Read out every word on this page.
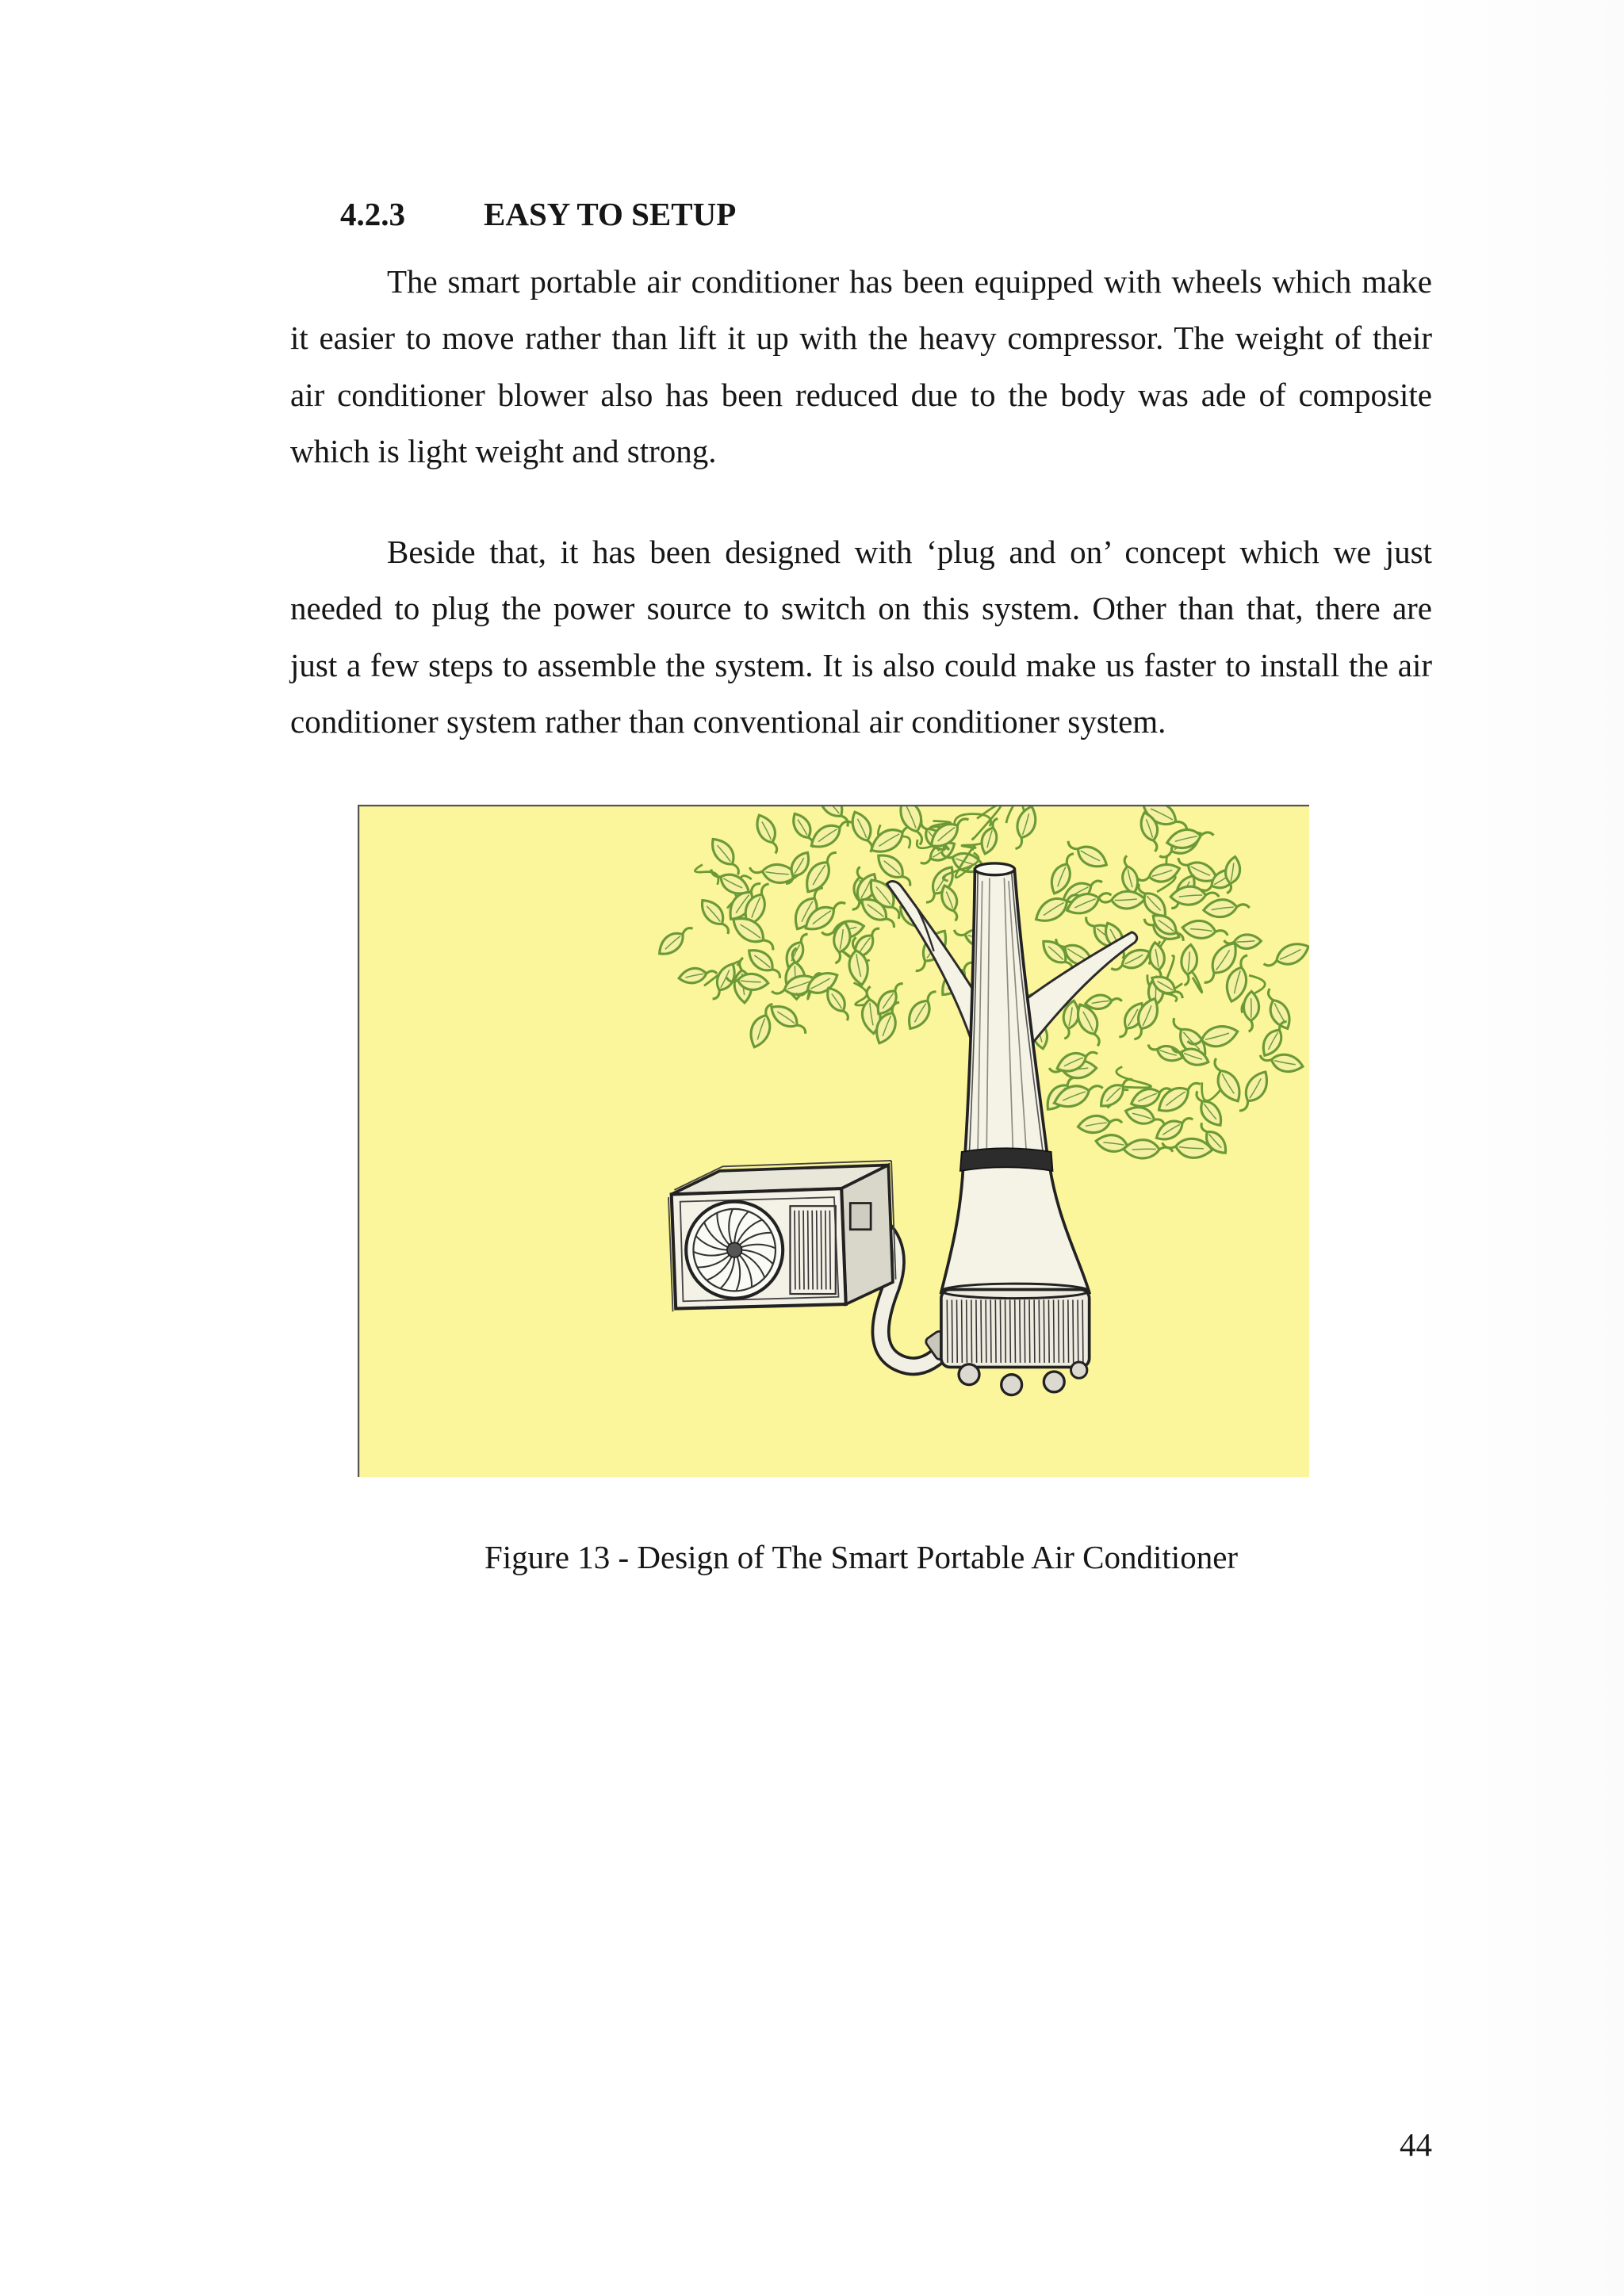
4.2.3 EASY TO SETUP
The smart portable air conditioner has been equipped with wheels which make
it easier to move rather than lift it up with the heavy compressor. The weight of their
air conditioner blower also has been reduced due to the body was ade of composite
which is light weight and strong.
Beside that, it has been designed with ‘plug and on’ concept which we just
needed to plug the power source to switch on this system. Other than that, there are
just a few steps to assemble the system. It is also could make us faster to install the air
conditioner system rather than conventional air conditioner system.
Figure 13 - Design of The Smart Portable Air Conditioner
44
